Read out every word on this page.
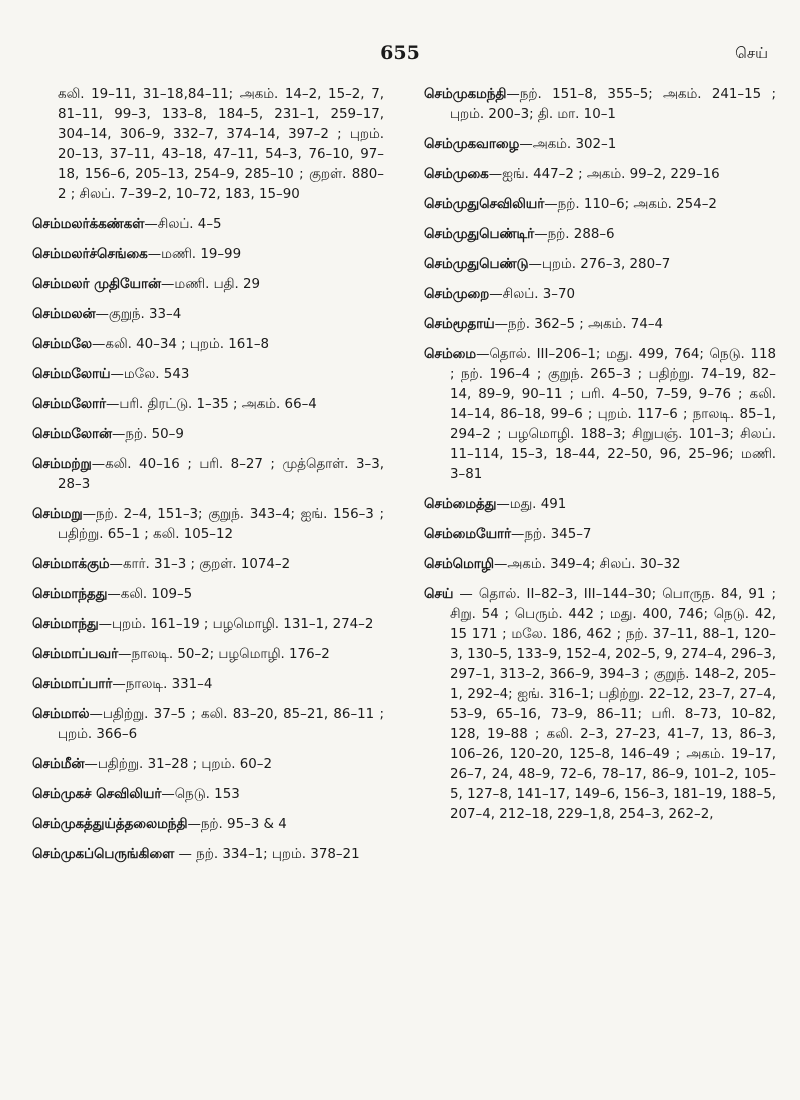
655	செய்
கலி. 19–11, 31–18,84–11; அகம். 14–2, 15–2, 7, 81–11, 99–3, 133–8, 184–5, 231–1, 259–17, 304–14, 306–9, 332–7, 374–14, 397–2 ; புறம். 20–13, 37–11, 43–18, 47–11, 54–3, 76–10, 97–18, 156–6, 205–13, 254–9, 285–10 ; குறள். 880–2 ; சிலப். 7–39–2, 10–72, 183, 15–90
செம்மலர்க்கண்கள்—சிலப். 4–5
செம்மலர்ச்செங்கை—மணி. 19–99
செம்மலர் முதியோன்—மணி. பதி. 29
செம்மலன்—குறுந். 33–4
செம்மலே—கலி. 40–34 ; புறம். 161–8
செம்மலோய்—மலே. 543
செம்மலோர்—பரி. திரட்டு. 1–35 ; அகம். 66–4
செம்மலோன்—நற். 50–9
செம்மற்று—கலி. 40–16 ; பரி. 8–27 ; முத்தொள். 3–3, 28–3
செம்மறு—நற். 2–4, 151–3; குறுந். 343–4; ஐங். 156–3 ; பதிற்று. 65–1 ; கலி. 105–12
செம்மாக்கும்—கார். 31–3 ; குறள். 1074–2
செம்மாந்தது—கலி. 109–5
செம்மாந்து—புறம். 161–19 ; பழமொழி. 131–1, 274–2
செம்மாப்பவர்—நாலடி. 50–2; பழமொழி. 176–2
செம்மாப்பார்—நாலடி. 331–4
செம்மால்—பதிற்று. 37–5 ; கலி. 83–20, 85–21, 86–11 ; புறம். 366–6
செம்மீன்—பதிற்று. 31–28 ; புறம். 60–2
செம்முகச் செவிலியர்—நெடு. 153
செம்முகத்துய்த்தலைமந்தி—நற். 95–3 & 4
செம்முகப்பெருங்கிளை — நற். 334–1; புறம். 378–21
செம்முகமந்தி—நற். 151–8, 355–5; அகம். 241–15 ; புறம். 200–3; தி. மா. 10–1
செம்முகவாழை—அகம். 302–1
செம்முகை—ஐங். 447–2 ; அகம். 99–2, 229–16
செம்முதுசெவிலியர்—நற். 110–6; அகம். 254–2
செம்முதுபெண்டிர்—நற். 288–6
செம்முதுபெண்டு—புறம். 276–3, 280–7
செம்முறை—சிலப். 3–70
செம்மூதாய்—நற். 362–5 ; அகம். 74–4
செம்மை—தொல். III–206–1; மது. 499, 764; நெடு. 118 ; நற். 196–4 ; குறுந். 265–3 ; பதிற்று. 74–19, 82–14, 89–9, 90–11 ; பரி. 4–50, 7–59, 9–76 ; கலி. 14–14, 86–18, 99–6 ; புறம். 117–6 ; நாலடி. 85–1, 294–2 ; பழமொழி. 188–3; சிறுபஞ். 101–3; சிலப். 11–114, 15–3, 18–44, 22–50, 96, 25–96; மணி. 3–81
செம்மைத்து—மது. 491
செம்மையோர்—நற். 345–7
செம்மொழி—அகம். 349–4; சிலப். 30–32
செய் — தொல். II–82–3, III–144–30; பொருந. 84, 91 ; சிறு. 54 ; பெரும். 442 ; மது. 400, 746; நெடு. 42, 15 171 ; மலே. 186, 462 ; நற். 37–11, 88–1, 120–3, 130–5, 133–9, 152–4, 202–5, 9, 274–4, 296–3, 297–1, 313–2, 366–9, 394–3 ; குறுந். 148–2, 205–1, 292–4; ஐங். 316–1; பதிற்று. 22–12, 23–7, 27–4, 53–9, 65–16, 73–9, 86–11; பரி. 8–73, 10–82, 128, 19–88 ; கலி. 2–3, 27–23, 41–7, 13, 86–3, 106–26, 120–20, 125–8, 146–49 ; அகம். 19–17, 26–7, 24, 48–9, 72–6, 78–17, 86–9, 101–2, 105–5, 127–8, 141–17, 149–6, 156–3, 181–19, 188–5, 207–4, 212–18, 229–1,8, 254–3, 262–2,
